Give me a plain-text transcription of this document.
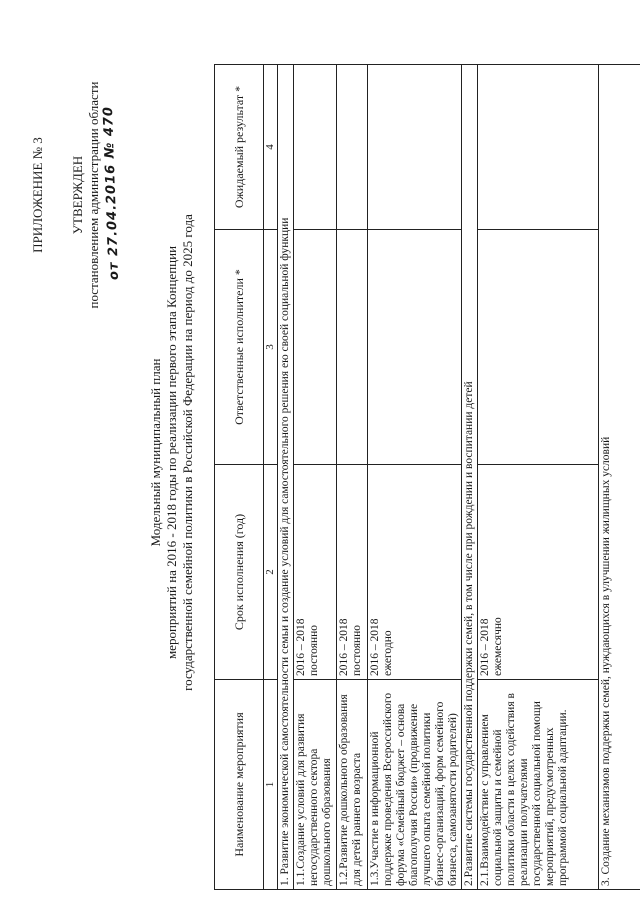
ПРИЛОЖЕНИЕ № 3 УТВЕРЖДЕН постановлением администрации области от 27.04.2016 № 470
Модельный муниципальный план мероприятий на 2016 - 2018 годы по реализации первого этапа Концепции государственной семейной политики в Российской Федерации на период до 2025 года
Наименование мероприятия	Срок исполнения (год)	Ответственные исполнители *	Ожидаемый результат *
1	2	3	4
1. Развитие экономической самостоятельности семьи и создание условий для самостоятельного решения ею своей социальной функции			
1.1.Создание условий для развития негосударственного сектора дошкольного образования	2016 – 2018 постоянно		

1.2.Развитие дошкольного образования для детей раннего возраста	2016 – 2018 постоянно		

1.3.Участие в информационной поддержке проведения Всероссийского форума «Семейный бюджет – основа благополучия России» (продвижение лучшего опыта семейной политики бизнес-организаций, форм семейного бизнеса, самозанятости родителей)	2016 – 2018 ежегодно		

2.Развитие системы государственной поддержки семей, в том числе при рождении и воспитании детей			
2.1.Взаимодействие с управлением социальной защиты и семейной политики области в целях содействия в реализации получателями государственной социальной помощи мероприятий, предусмотренных программой социальной адаптации.	2016 – 2018 ежемесячно		

3. Создание механизмов поддержки семей, нуждающихся в улучшении жилищных условий			
